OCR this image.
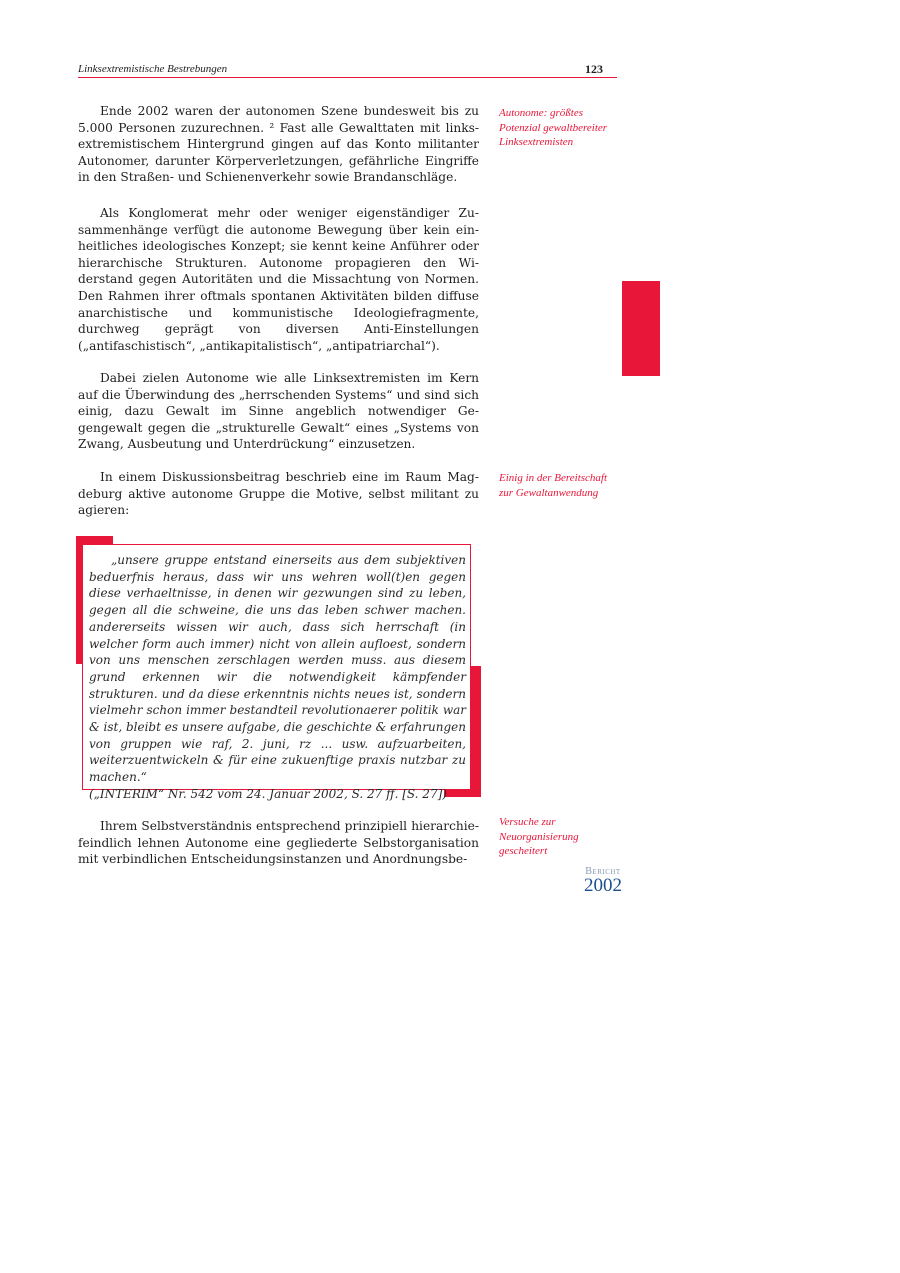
Linksextremistische Bestrebungen	123

Ende 2002 waren der autonomen Szene bundesweit bis zu 5.000 Personen zuzurechnen. ² Fast alle Gewalttaten mit linksextremistischem Hintergrund gingen auf das Konto militanter Autonomer, darunter Körperverletzungen, gefährliche Eingriffe in den Straßen- und Schienenverkehr sowie Brandanschläge.

Als Konglomerat mehr oder weniger eigenständiger Zusammenhänge verfügt die autonome Bewegung über kein einheitliches ideologisches Konzept; sie kennt keine Anführer oder hierarchische Strukturen. Autonome propagieren den Widerstand gegen Autoritäten und die Missachtung von Normen. Den Rahmen ihrer oftmals spontanen Aktivitäten bilden diffuse anarchistische und kommunistische Ideologiefragmente, durchweg geprägt von diversen Anti-Einstellungen („antifaschistisch“, „antikapitalistisch“, „antipatriarchal“).

Dabei zielen Autonome wie alle Linksextremisten im Kern auf die Überwindung des „herrschenden Systems“ und sind sich einig, dazu Gewalt im Sinne angeblich notwendiger Gegengewalt gegen die „strukturelle Gewalt“ eines „Systems von Zwang, Ausbeutung und Unterdrückung“ einzusetzen.

In einem Diskussionsbeitrag beschrieb eine im Raum Magdeburg aktive autonome Gruppe die Motive, selbst militant zu agieren:

„unsere gruppe entstand einerseits aus dem subjektiven beduerfnis heraus, dass wir uns wehren woll(t)en gegen diese verhaeltnisse, in denen wir gezwungen sind zu leben, gegen all die schweine, die uns das leben schwer machen. andererseits wissen wir auch, dass sich herrschaft (in welcher form auch immer) nicht von allein aufloest, sondern von uns menschen zerschlagen werden muss. aus diesem grund erkennen wir die notwendigkeit kämpfender strukturen. und da diese erkenntnis nichts neues ist, sondern vielmehr schon immer bestandteil revolutionaerer politik war & ist, bleibt es unsere aufgabe, die geschichte & erfahrungen von gruppen wie raf, 2. juni, rz ... usw. aufzuarbeiten, weiterzuentwickeln & für eine zukuenftige praxis nutzbar zu machen.“

(„INTERIM“ Nr. 542 vom 24. Januar 2002, S. 27 ff. [S. 27])

Ihrem Selbstverständnis entsprechend prinzipiell hierarchiefeindlich lehnen Autonome eine gegliederte Selbstorganisation mit verbindlichen Entscheidungsinstanzen und Anordnungsbe-

Autonome: größtes Potenzial gewaltbereiter Linksextremisten

Einig in der Bereitschaft zur Gewaltanwendung

Versuche zur Neuorganisierung gescheitert

Bericht
2002
